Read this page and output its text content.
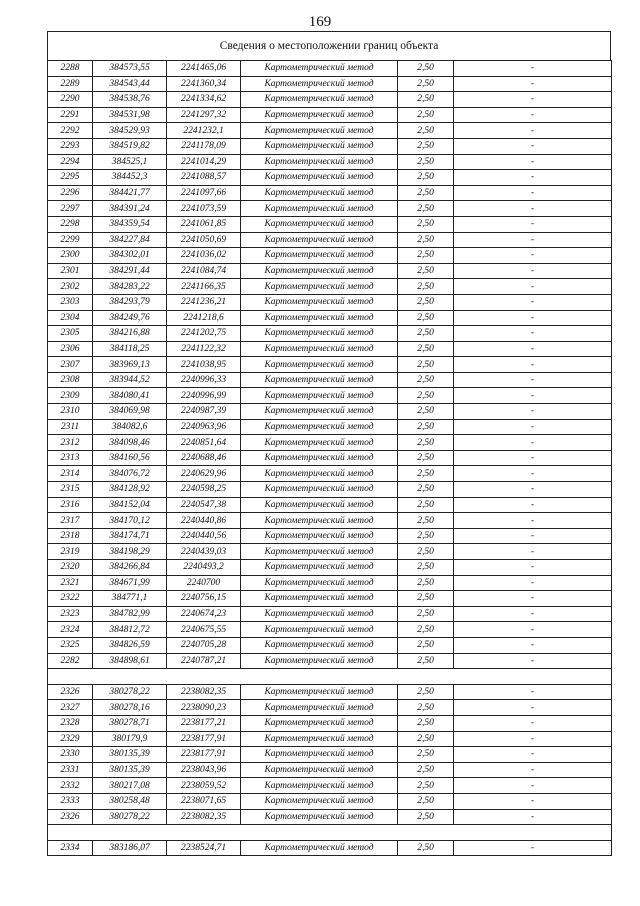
169
Сведения о местоположении границ объекта
2288	384573,55	2241465,06	Картометрический метод	2,50	-
2289	384543,44	2241360,34	Картометрический метод	2,50	-
2290	384538,76	2241334,62	Картометрический метод	2,50	-
2291	384531,98	2241297,32	Картометрический метод	2,50	-
2292	384529,93	2241232,1	Картометрический метод	2,50	-
2293	384519,82	2241178,09	Картометрический метод	2,50	-
2294	384525,1	2241014,29	Картометрический метод	2,50	-
2295	384452,3	2241088,57	Картометрический метод	2,50	-
2296	384421,77	2241097,66	Картометрический метод	2,50	-
2297	384391,24	2241073,59	Картометрический метод	2,50	-
2298	384359,54	2241061,85	Картометрический метод	2,50	-
2299	384227,84	2241050,69	Картометрический метод	2,50	-
2300	384302,01	2241036,02	Картометрический метод	2,50	-
2301	384291,44	2241084,74	Картометрический метод	2,50	-
2302	384283,22	2241166,35	Картометрический метод	2,50	-
2303	384293,79	2241236,21	Картометрический метод	2,50	-
2304	384249,76	2241218,6	Картометрический метод	2,50	-
2305	384216,88	2241202,75	Картометрический метод	2,50	-
2306	384118,25	2241122,32	Картометрический метод	2,50	-
2307	383969,13	2241038,95	Картометрический метод	2,50	-
2308	383944,52	2240996,33	Картометрический метод	2,50	-
2309	384080,41	2240996,99	Картометрический метод	2,50	-
2310	384069,98	2240987,39	Картометрический метод	2,50	-
2311	384082,6	2240963,96	Картометрический метод	2,50	-
2312	384098,46	2240851,64	Картометрический метод	2,50	-
2313	384160,56	2240688,46	Картометрический метод	2,50	-
2314	384076,72	2240629,96	Картометрический метод	2,50	-
2315	384128,92	2240598,25	Картометрический метод	2,50	-
2316	384152,04	2240547,38	Картометрический метод	2,50	-
2317	384170,12	2240440,86	Картометрический метод	2,50	-
2318	384174,71	2240440,56	Картометрический метод	2,50	-
2319	384198,29	2240439,03	Картометрический метод	2,50	-
2320	384266,84	2240493,2	Картометрический метод	2,50	-
2321	384671,99	2240700	Картометрический метод	2,50	-
2322	384771,1	2240756,15	Картометрический метод	2,50	-
2323	384782,99	2240674,23	Картометрический метод	2,50	-
2324	384812,72	2240675,55	Картометрический метод	2,50	-
2325	384826,59	2240705,28	Картометрический метод	2,50	-
2282	384898,61	2240787,21	Картометрический метод	2,50	-

2326	380278,22	2238082,35	Картометрический метод	2,50	-
2327	380278,16	2238090,23	Картометрический метод	2,50	-
2328	380278,71	2238177,21	Картометрический метод	2,50	-
2329	380179,9	2238177,91	Картометрический метод	2,50	-
2330	380135,39	2238177,91	Картометрический метод	2,50	-
2331	380135,39	2238043,96	Картометрический метод	2,50	-
2332	380217,08	2238059,52	Картометрический метод	2,50	-
2333	380258,48	2238071,65	Картометрический метод	2,50	-
2326	380278,22	2238082,35	Картометрический метод	2,50	-

2334	383186,07	2238524,71	Картометрический метод	2,50	-
